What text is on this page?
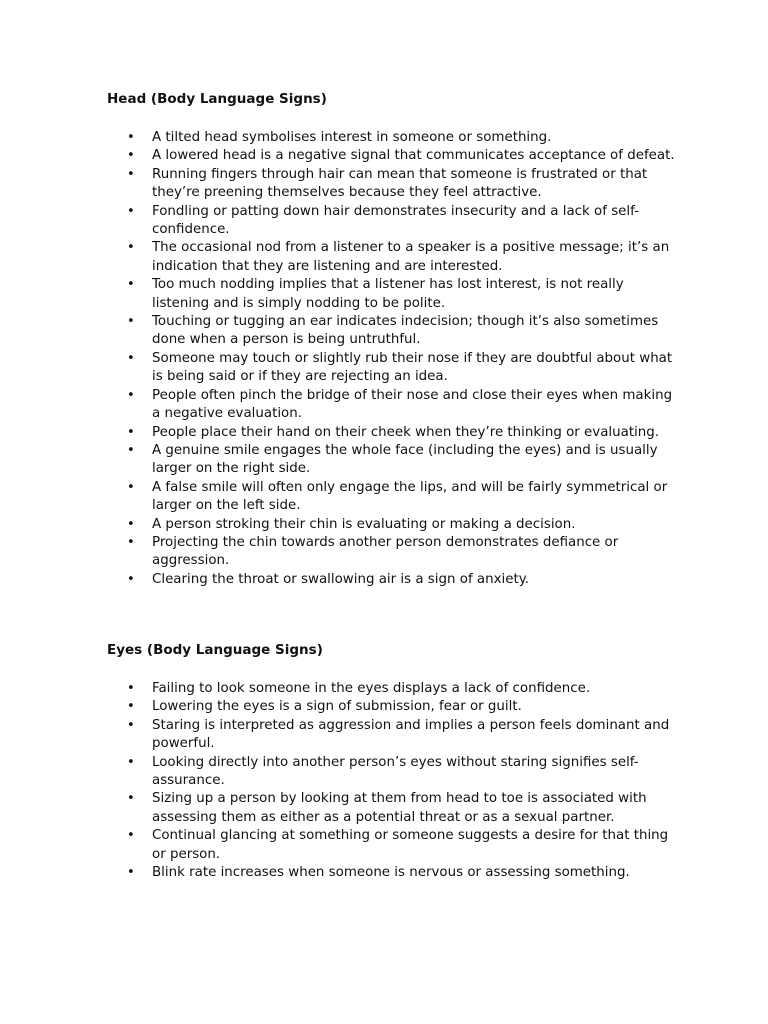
Head (Body Language Signs)
• A tilted head symbolises interest in someone or something.
• A lowered head is a negative signal that communicates acceptance of defeat.
• Running fingers through hair can mean that someone is frustrated or that they’re preening themselves because they feel attractive.
• Fondling or patting down hair demonstrates insecurity and a lack of self-confidence.
• The occasional nod from a listener to a speaker is a positive message; it’s an indication that they are listening and are interested.
• Too much nodding implies that a listener has lost interest, is not really listening and is simply nodding to be polite.
• Touching or tugging an ear indicates indecision; though it’s also sometimes done when a person is being untruthful.
• Someone may touch or slightly rub their nose if they are doubtful about what is being said or if they are rejecting an idea.
• People often pinch the bridge of their nose and close their eyes when making a negative evaluation.
• People place their hand on their cheek when they’re thinking or evaluating.
• A genuine smile engages the whole face (including the eyes) and is usually larger on the right side.
• A false smile will often only engage the lips, and will be fairly symmetrical or larger on the left side.
• A person stroking their chin is evaluating or making a decision.
• Projecting the chin towards another person demonstrates defiance or aggression.
• Clearing the throat or swallowing air is a sign of anxiety.
Eyes (Body Language Signs)
• Failing to look someone in the eyes displays a lack of confidence.
• Lowering the eyes is a sign of submission, fear or guilt.
• Staring is interpreted as aggression and implies a person feels dominant and powerful.
• Looking directly into another person’s eyes without staring signifies self-assurance.
• Sizing up a person by looking at them from head to toe is associated with assessing them as either as a potential threat or as a sexual partner.
• Continual glancing at something or someone suggests a desire for that thing or person.
• Blink rate increases when someone is nervous or assessing something.
